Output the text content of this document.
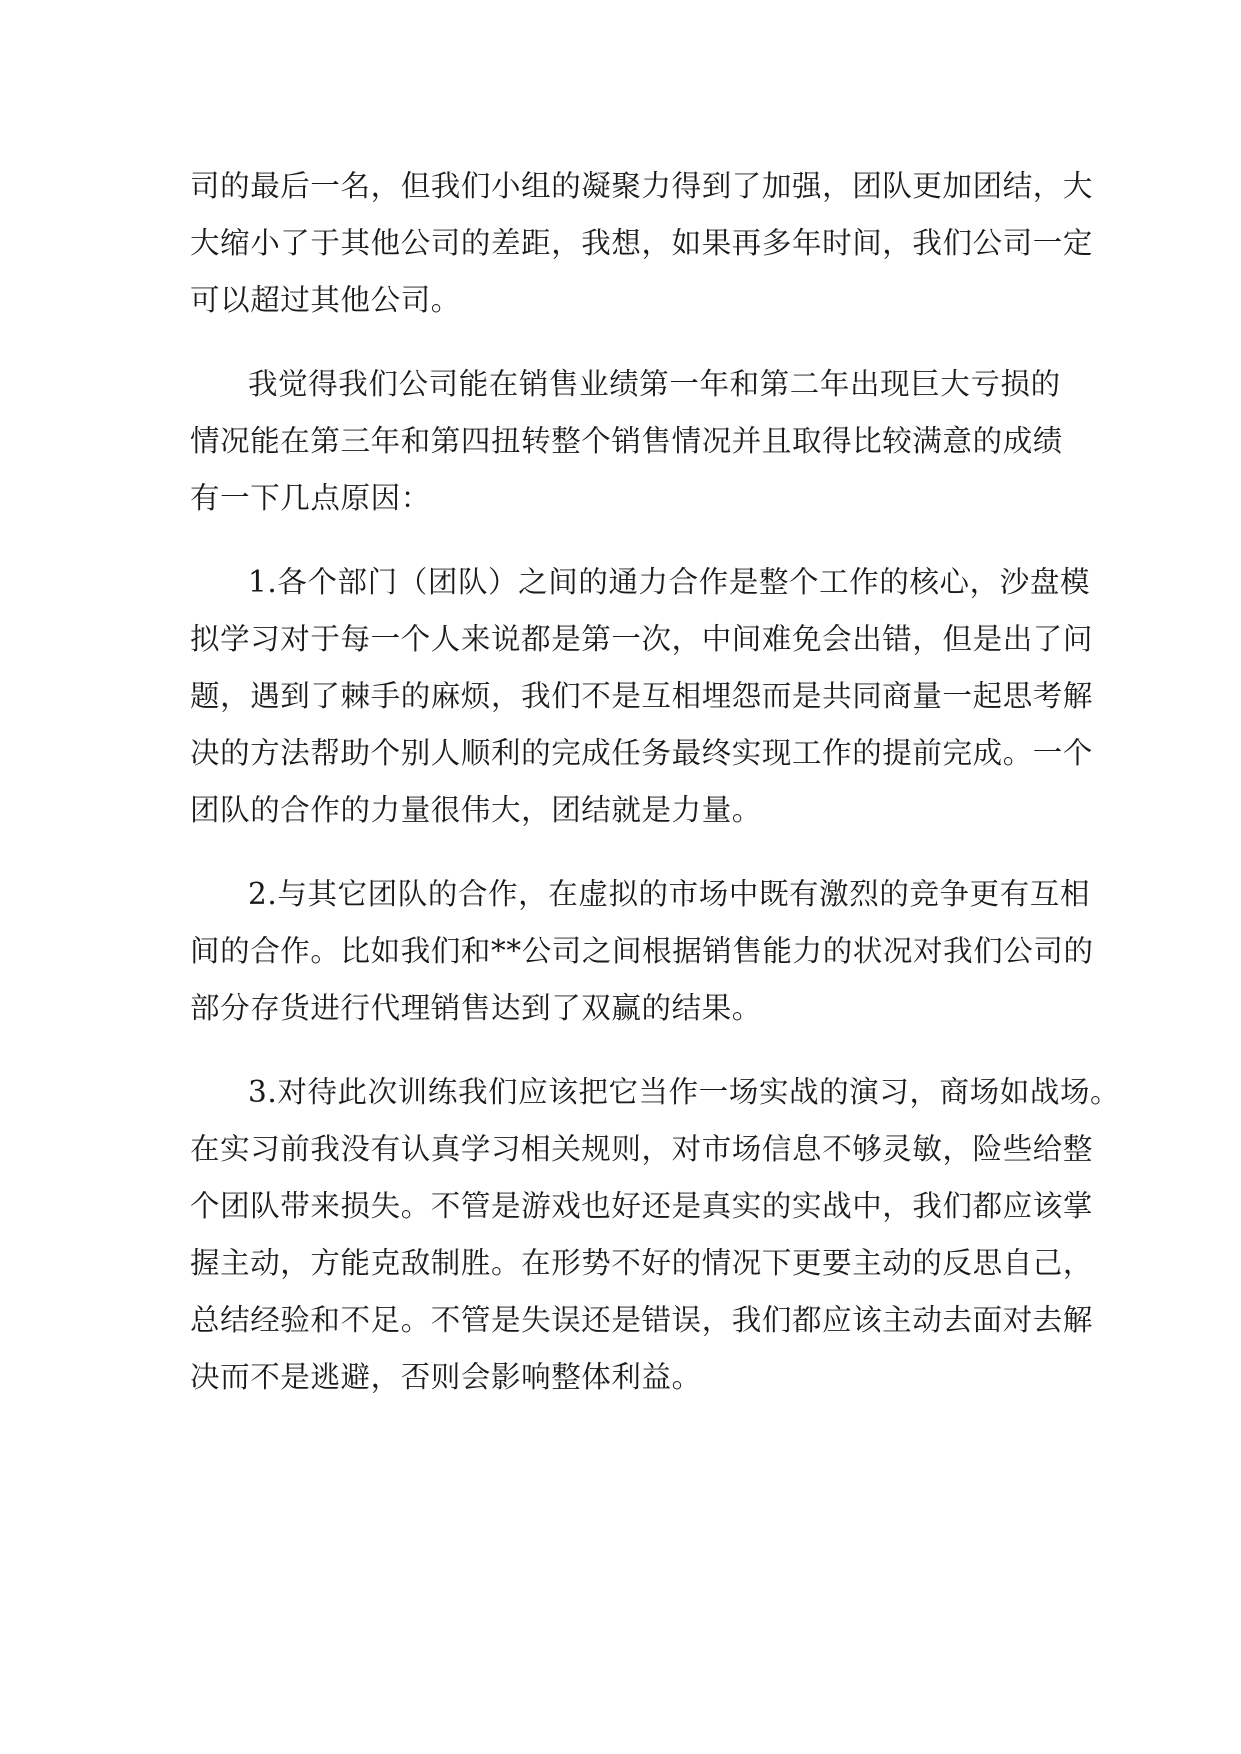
司的最后一名，但我们小组的凝聚力得到了加强，团队更加团结，大
大缩小了于其他公司的差距，我想，如果再多年时间，我们公司一定
可以超过其他公司。
我觉得我们公司能在销售业绩第一年和第二年出现巨大亏损的
情况能在第三年和第四扭转整个销售情况并且取得比较满意的成绩
有一下几点原因：
1.各个部门（团队）之间的通力合作是整个工作的核心，沙盘模
拟学习对于每一个人来说都是第一次，中间难免会出错，但是出了问
题，遇到了棘手的麻烦，我们不是互相埋怨而是共同商量一起思考解
决的方法帮助个别人顺利的完成任务最终实现工作的提前完成。一个
团队的合作的力量很伟大，团结就是力量。
2.与其它团队的合作，在虚拟的市场中既有激烈的竞争更有互相
间的合作。比如我们和**公司之间根据销售能力的状况对我们公司的
部分存货进行代理销售达到了双赢的结果。
3.对待此次训练我们应该把它当作一场实战的演习，商场如战场。
在实习前我没有认真学习相关规则，对市场信息不够灵敏，险些给整
个团队带来损失。不管是游戏也好还是真实的实战中，我们都应该掌
握主动，方能克敌制胜。在形势不好的情况下更要主动的反思自己，
总结经验和不足。不管是失误还是错误，我们都应该主动去面对去解
决而不是逃避，否则会影响整体利益。
